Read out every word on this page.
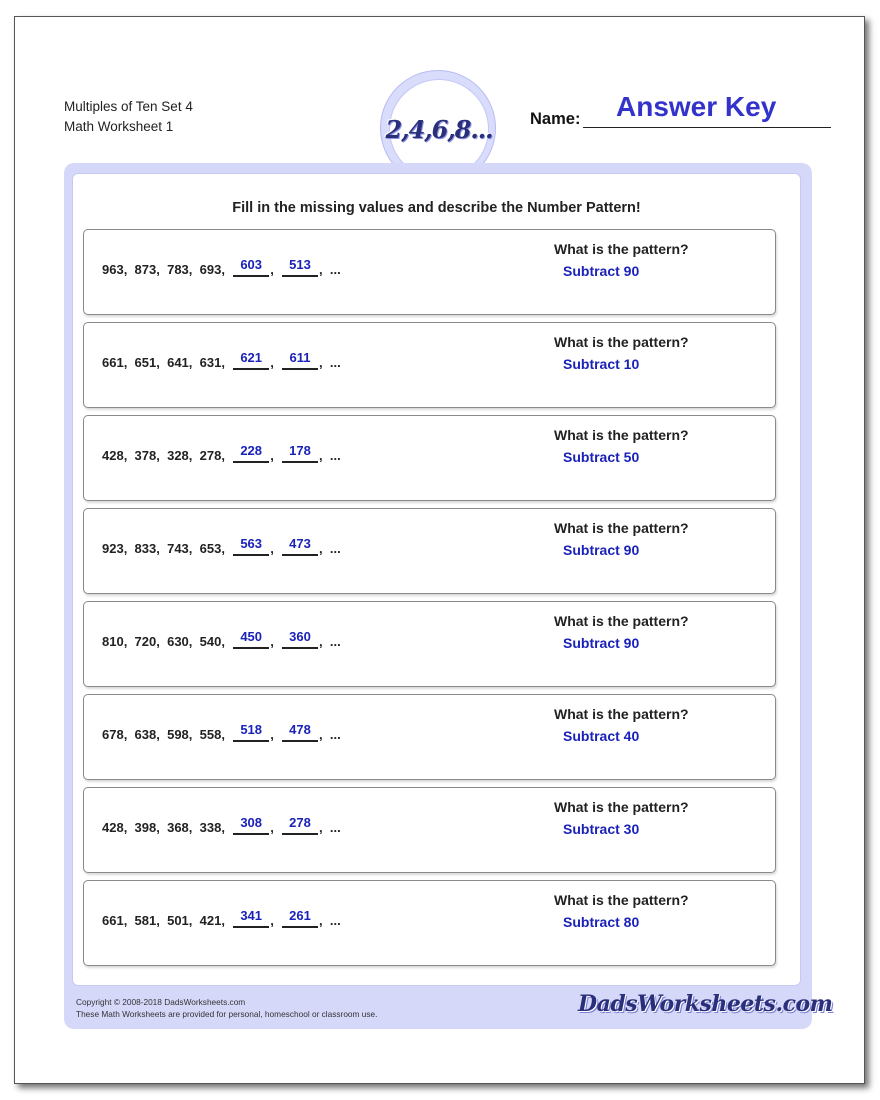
Multiples of Ten Set 4
Math Worksheet 1	2,4,6,8... Name: Answer Key
Fill in the missing values and describe the Number Pattern!
963 , 873 , 783 , 693 , 603 , 513 , ...
What is the pattern?
Subtract 90
661 , 651 , 641 , 631 , 621 , 611 , ...
What is the pattern?
Subtract 10
428 , 378 , 328 , 278 , 228 , 178 , ...
What is the pattern?
Subtract 50
923 , 833 , 743 , 653 , 563 , 473 , ...
What is the pattern?
Subtract 90
810 , 720 , 630 , 540 , 450 , 360 , ...
What is the pattern?
Subtract 90
678 , 638 , 598 , 558 , 518 , 478 , ...
What is the pattern?
Subtract 40
428 , 398 , 368 , 338 , 308 , 278 , ...
What is the pattern?
Subtract 30
661 , 581 , 501 , 421 , 341 , 261 , ...
What is the pattern?
Subtract 80
Copyright © 2008-2018 DadsWorksheets.com
These Math Worksheets are provided for personal, homeschool or classroom use.	DadsWorksheets.com
